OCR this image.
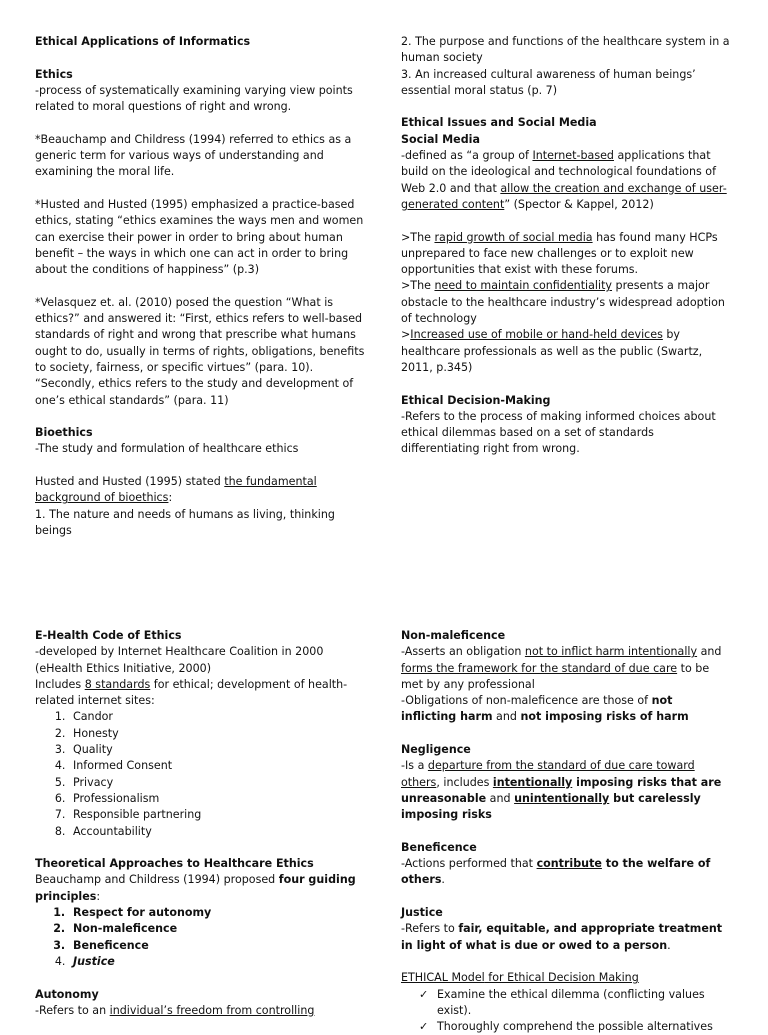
Ethical Applications of Informatics

Ethics

-process of systematically examining varying view points related to moral questions of right and wrong.

*Beauchamp and Childress (1994) referred to ethics as a generic term for various ways of understanding and examining the moral life.

*Husted and Husted (1995) emphasized a practice-based ethics, stating “ethics examines the ways men and women can exercise their power in order to bring about human benefit – the ways in which one can act in order to bring about the conditions of happiness” (p.3)

*Velasquez et. al. (2010) posed the question “What is ethics?” and answered it: “First, ethics refers to well-based standards of right and wrong that prescribe what humans ought to do, usually in terms of rights, obligations, benefits to society, fairness, or specific virtues” (para. 10).

“Secondly, ethics refers to the study and development of one’s ethical standards” (para. 11)

Bioethics

-The study and formulation of healthcare ethics

Husted and Husted (1995) stated the fundamental background of bioethics:

1. The nature and needs of humans as living, thinking beings

2. The purpose and functions of the healthcare system in a human society

3. An increased cultural awareness of human beings’ essential moral status (p. 7)

Ethical Issues and Social Media

Social Media

-defined as “a group of Internet-based applications that build on the ideological and technological foundations of Web 2.0 and that allow the creation and exchange of user-generated content” (Spector & Kappel, 2012)

>The rapid growth of social media has found many HCPs unprepared to face new challenges or to exploit new opportunities that exist with these forums.

>The need to maintain confidentiality presents a major obstacle to the healthcare industry’s widespread adoption of technology

>Increased use of mobile or hand-held devices by healthcare professionals as well as the public (Swartz, 2011, p.345)

Ethical Decision-Making

-Refers to the process of making informed choices about ethical dilemmas based on a set of standards differentiating right from wrong.

E-Health Code of Ethics

-developed by Internet Healthcare Coalition in 2000 (eHealth Ethics Initiative, 2000)

Includes 8 standards for ethical; development of health-related internet sites:

1. Candor
2. Honesty
3. Quality
4. Informed Consent
5. Privacy
6. Professionalism
7. Responsible partnering
8. Accountability

Theoretical Approaches to Healthcare Ethics

Beauchamp and Childress (1994) proposed four guiding principles:

1. Respect for autonomy
2. Non-maleficence
3. Beneficence
4. Justice

Autonomy

-Refers to an individual’s freedom from controlling

Non-maleficence

-Asserts an obligation not to inflict harm intentionally and forms the framework for the standard of due care to be met by any professional

-Obligations of non-maleficence are those of not inflicting harm and not imposing risks of harm

Negligence

-Is a departure from the standard of due care toward others, includes intentionally imposing risks that are unreasonable and unintentionally but carelessly imposing risks

Beneficence

-Actions performed that contribute to the welfare of others.

Justice

-Refers to fair, equitable, and appropriate treatment in light of what is due or owed to a person.

ETHICAL Model for Ethical Decision Making

✓ Examine the ethical dilemma (conflicting values exist).
✓ Thoroughly comprehend the possible alternatives
